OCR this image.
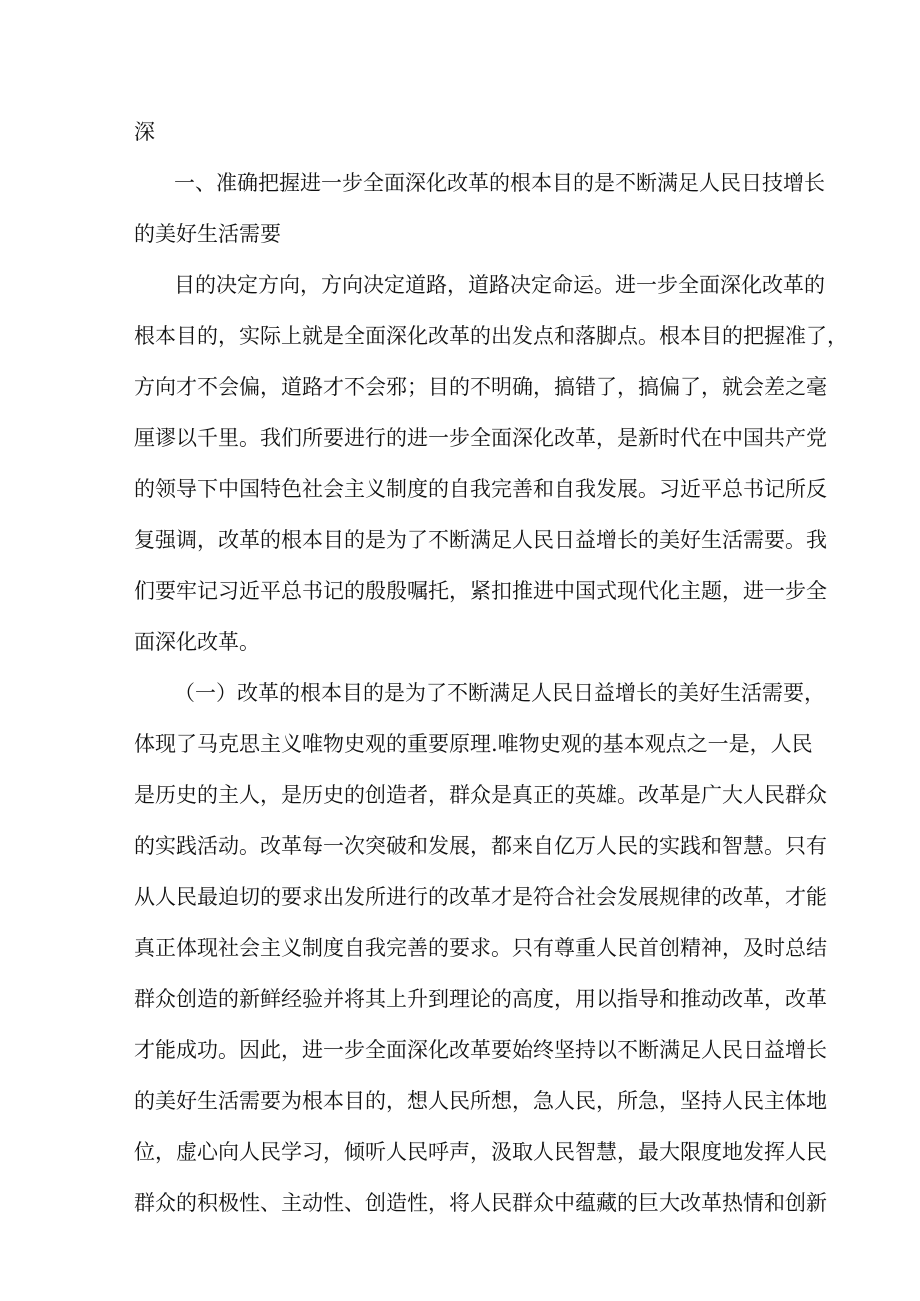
深
一、准确把握进一步全面深化改革的根本目的是不断满足人民日技增长
的美好生活需要
目的决定方向，方向决定道路，道路决定命运。进一步全面深化改革的
根本目的，实际上就是全面深化改革的出发点和落脚点。根本目的把握准了，
方向才不会偏，道路才不会邪；目的不明确，搞错了，搞偏了，就会差之毫
厘谬以千里。我们所要进行的进一步全面深化改革，是新时代在中国共产党
的领导下中国特色社会主义制度的自我完善和自我发展。习近平总书记所反
复强调，改革的根本目的是为了不断满足人民日益增长的美好生活需要。我
们要牢记习近平总书记的殷殷嘱托，紧扣推进中国式现代化主题，进一步全
面深化改革。
（一）改革的根本目的是为了不断满足人民日益增长的美好生活需要，
体现了马克思主义唯物史观的重要原理.唯物史观的基本观点之一是，人民
是历史的主人，是历史的创造者，群众是真正的英雄。改革是广大人民群众
的实践活动。改革每一次突破和发展，都来自亿万人民的实践和智慧。只有
从人民最迫切的要求出发所进行的改革才是符合社会发展规律的改革，才能
真正体现社会主义制度自我完善的要求。只有尊重人民首创精神，及时总结
群众创造的新鲜经验并将其上升到理论的高度，用以指导和推动改革，改革
才能成功。因此，进一步全面深化改革要始终坚持以不断满足人民日益增长
的美好生活需要为根本目的，想人民所想，急人民，所急，坚持人民主体地
位，虚心向人民学习，倾听人民呼声，汲取人民智慧，最大限度地发挥人民
群众的积极性、主动性、创造性，将人民群众中蕴藏的巨大改革热情和创新
